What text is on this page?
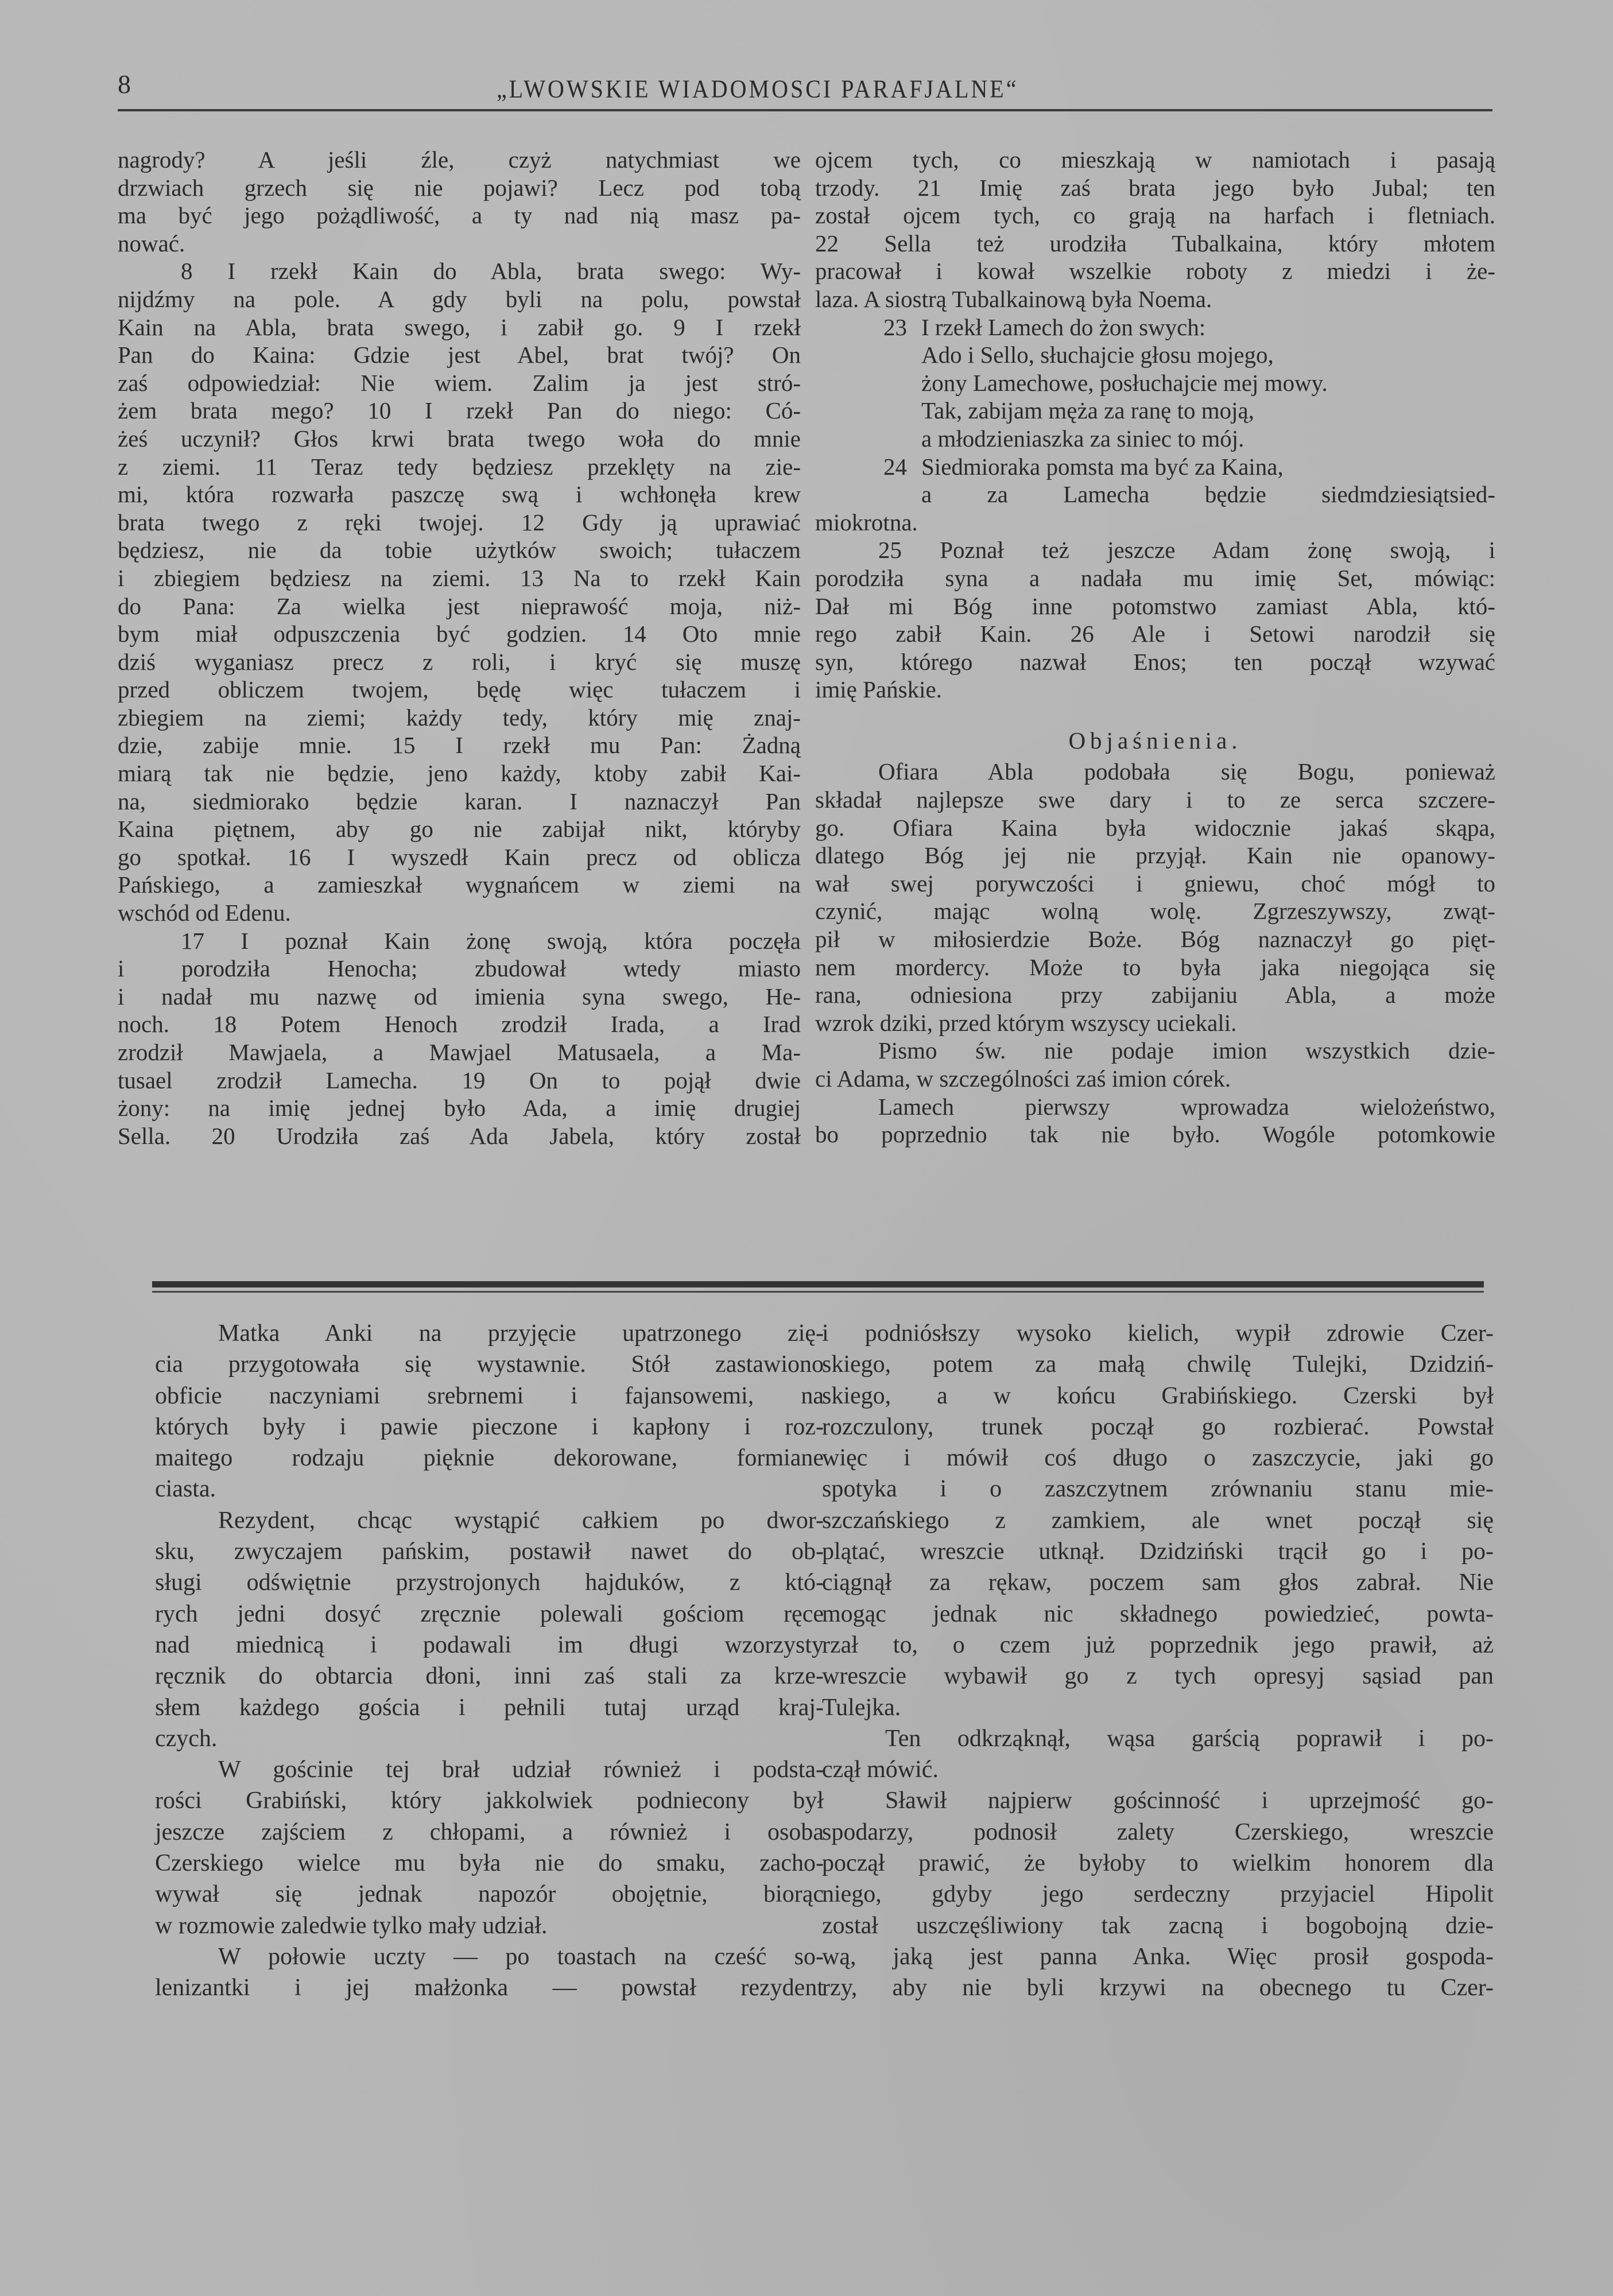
8	„LWOWSKIE WIADOMOSCI PARAFJALNE“
nagrody? A jeśli źle, czyż natychmiast we
drzwiach grzech się nie pojawi? Lecz pod tobą
ma być jego pożądliwość, a ty nad nią masz pa-
nować.
8 I rzekł Kain do Abla, brata swego: Wy-
nijdźmy na pole. A gdy byli na polu, powstał
Kain na Abla, brata swego, i zabił go. 9 I rzekł
Pan do Kaina: Gdzie jest Abel, brat twój? On
zaś odpowiedział: Nie wiem. Zalim ja jest stró-
żem brata mego? 10 I rzekł Pan do niego: Có-
żeś uczynił? Głos krwi brata twego woła do mnie
z ziemi. 11 Teraz tedy będziesz przeklęty na zie-
mi, która rozwarła paszczę swą i wchłonęła krew
brata twego z ręki twojej. 12 Gdy ją uprawiać
będziesz, nie da tobie użytków swoich; tułaczem
i zbiegiem będziesz na ziemi. 13 Na to rzekł Kain
do Pana: Za wielka jest nieprawość moja, niż-
bym miał odpuszczenia być godzien. 14 Oto mnie
dziś wyganiasz precz z roli, i kryć się muszę
przed obliczem twojem, będę więc tułaczem i
zbiegiem na ziemi; każdy tedy, który mię znaj-
dzie, zabije mnie. 15 I rzekł mu Pan: Żadną
miarą tak nie będzie, jeno każdy, ktoby zabił Kai-
na, siedmiorako będzie karan. I naznaczył Pan
Kaina piętnem, aby go nie zabijał nikt, któryby
go spotkał. 16 I wyszedł Kain precz od oblicza
Pańskiego, a zamieszkał wygnańcem w ziemi na
wschód od Edenu.
17 I poznał Kain żonę swoją, która poczęła
i porodziła Henocha; zbudował wtedy miasto
i nadał mu nazwę od imienia syna swego, He-
noch. 18 Potem Henoch zrodził Irada, a Irad
zrodził Mawjaela, a Mawjael Matusaela, a Ma-
tusael zrodził Lamecha. 19 On to pojął dwie
żony: na imię jednej było Ada, a imię drugiej
Sella. 20 Urodziła zaś Ada Jabela, który został
ojcem tych, co mieszkają w namiotach i pasają
trzody. 21 Imię zaś brata jego było Jubal; ten
został ojcem tych, co grają na harfach i fletniach.
22 Sella też urodziła Tubalkaina, który młotem
pracował i kował wszelkie roboty z miedzi i że-
laza. A siostrą Tubalkainową była Noema.
23 I rzekł Lamech do żon swych:
Ado i Sello, słuchajcie głosu mojego,
żony Lamechowe, posłuchajcie mej mowy.
Tak, zabijam męża za ranę to moją,
a młodzieniaszka za siniec to mój.
24 Siedmioraka pomsta ma być za Kaina,
a za Lamecha będzie siedmdziesiątsied-
miokrotna.
25 Poznał też jeszcze Adam żonę swoją, i
porodziła syna a nadała mu imię Set, mówiąc:
Dał mi Bóg inne potomstwo zamiast Abla, któ-
rego zabił Kain. 26 Ale i Setowi narodził się
syn, którego nazwał Enos; ten począł wzywać
imię Pańskie.

Objaśnienia.

Ofiara Abla podobała się Bogu, ponieważ
składał najlepsze swe dary i to ze serca szczere-
go. Ofiara Kaina była widocznie jakaś skąpa,
dlatego Bóg jej nie przyjął. Kain nie opanowy-
wał swej porywczości i gniewu, choć mógł to
czynić, mając wolną wolę. Zgrzeszywszy, zwąt-
pił w miłosierdzie Boże. Bóg naznaczył go pięt-
nem mordercy. Może to była jaka niegojąca się
rana, odniesiona przy zabijaniu Abla, a może
wzrok dziki, przed którym wszyscy uciekali.
Pismo św. nie podaje imion wszystkich dzie-
ci Adama, w szczególności zaś imion córek.
Lamech pierwszy wprowadza wielożeństwo,
bo poprzednio tak nie było. Wogóle potomkowie
Matka Anki na przyjęcie upatrzonego zię-
cia przygotowała się wystawnie. Stół zastawiono
obficie naczyniami srebrnemi i fajansowemi, na
których były i pawie pieczone i kapłony i roz-
maitego rodzaju pięknie dekorowane, formiane
ciasta.
Rezydent, chcąc wystąpić całkiem po dwor-
sku, zwyczajem pańskim, postawił nawet do ob-
sługi odświętnie przystrojonych hajduków, z któ-
rych jedni dosyć zręcznie polewali gościom ręce
nad miednicą i podawali im długi wzorzysty
ręcznik do obtarcia dłoni, inni zaś stali za krze-
słem każdego gościa i pełnili tutaj urząd kraj-
czych.
W gościnie tej brał udział również i podsta-
rości Grabiński, który jakkolwiek podniecony był
jeszcze zajściem z chłopami, a również i osoba
Czerskiego wielce mu była nie do smaku, zacho-
wywał się jednak napozór obojętnie, biorąc
w rozmowie zaledwie tylko mały udział.
W połowie uczty — po toastach na cześć so-
lenizantki i jej małżonka — powstał rezydent
i podniósłszy wysoko kielich, wypił zdrowie Czer-
skiego, potem za małą chwilę Tulejki, Dzidziń-
skiego, a w końcu Grabińskiego. Czerski był
rozczulony, trunek począł go rozbierać. Powstał
więc i mówił coś długo o zaszczycie, jaki go
spotyka i o zaszczytnem zrównaniu stanu mie-
szczańskiego z zamkiem, ale wnet począł się
plątać, wreszcie utknął. Dzidziński trącił go i po-
ciągnął za rękaw, poczem sam głos zabrał. Nie
mogąc jednak nic składnego powiedzieć, powta-
rzał to, o czem już poprzednik jego prawił, aż
wreszcie wybawił go z tych opresyj sąsiad pan
Tulejka.
Ten odkrząknął, wąsa garścią poprawił i po-
czął mówić.
Sławił najpierw gościnność i uprzejmość go-
spodarzy, podnosił zalety Czerskiego, wreszcie
począł prawić, że byłoby to wielkim honorem dla
niego, gdyby jego serdeczny przyjaciel Hipolit
został uszczęśliwiony tak zacną i bogobojną dzie-
wą, jaką jest panna Anka. Więc prosił gospoda-
rzy, aby nie byli krzywi na obecnego tu Czer-
